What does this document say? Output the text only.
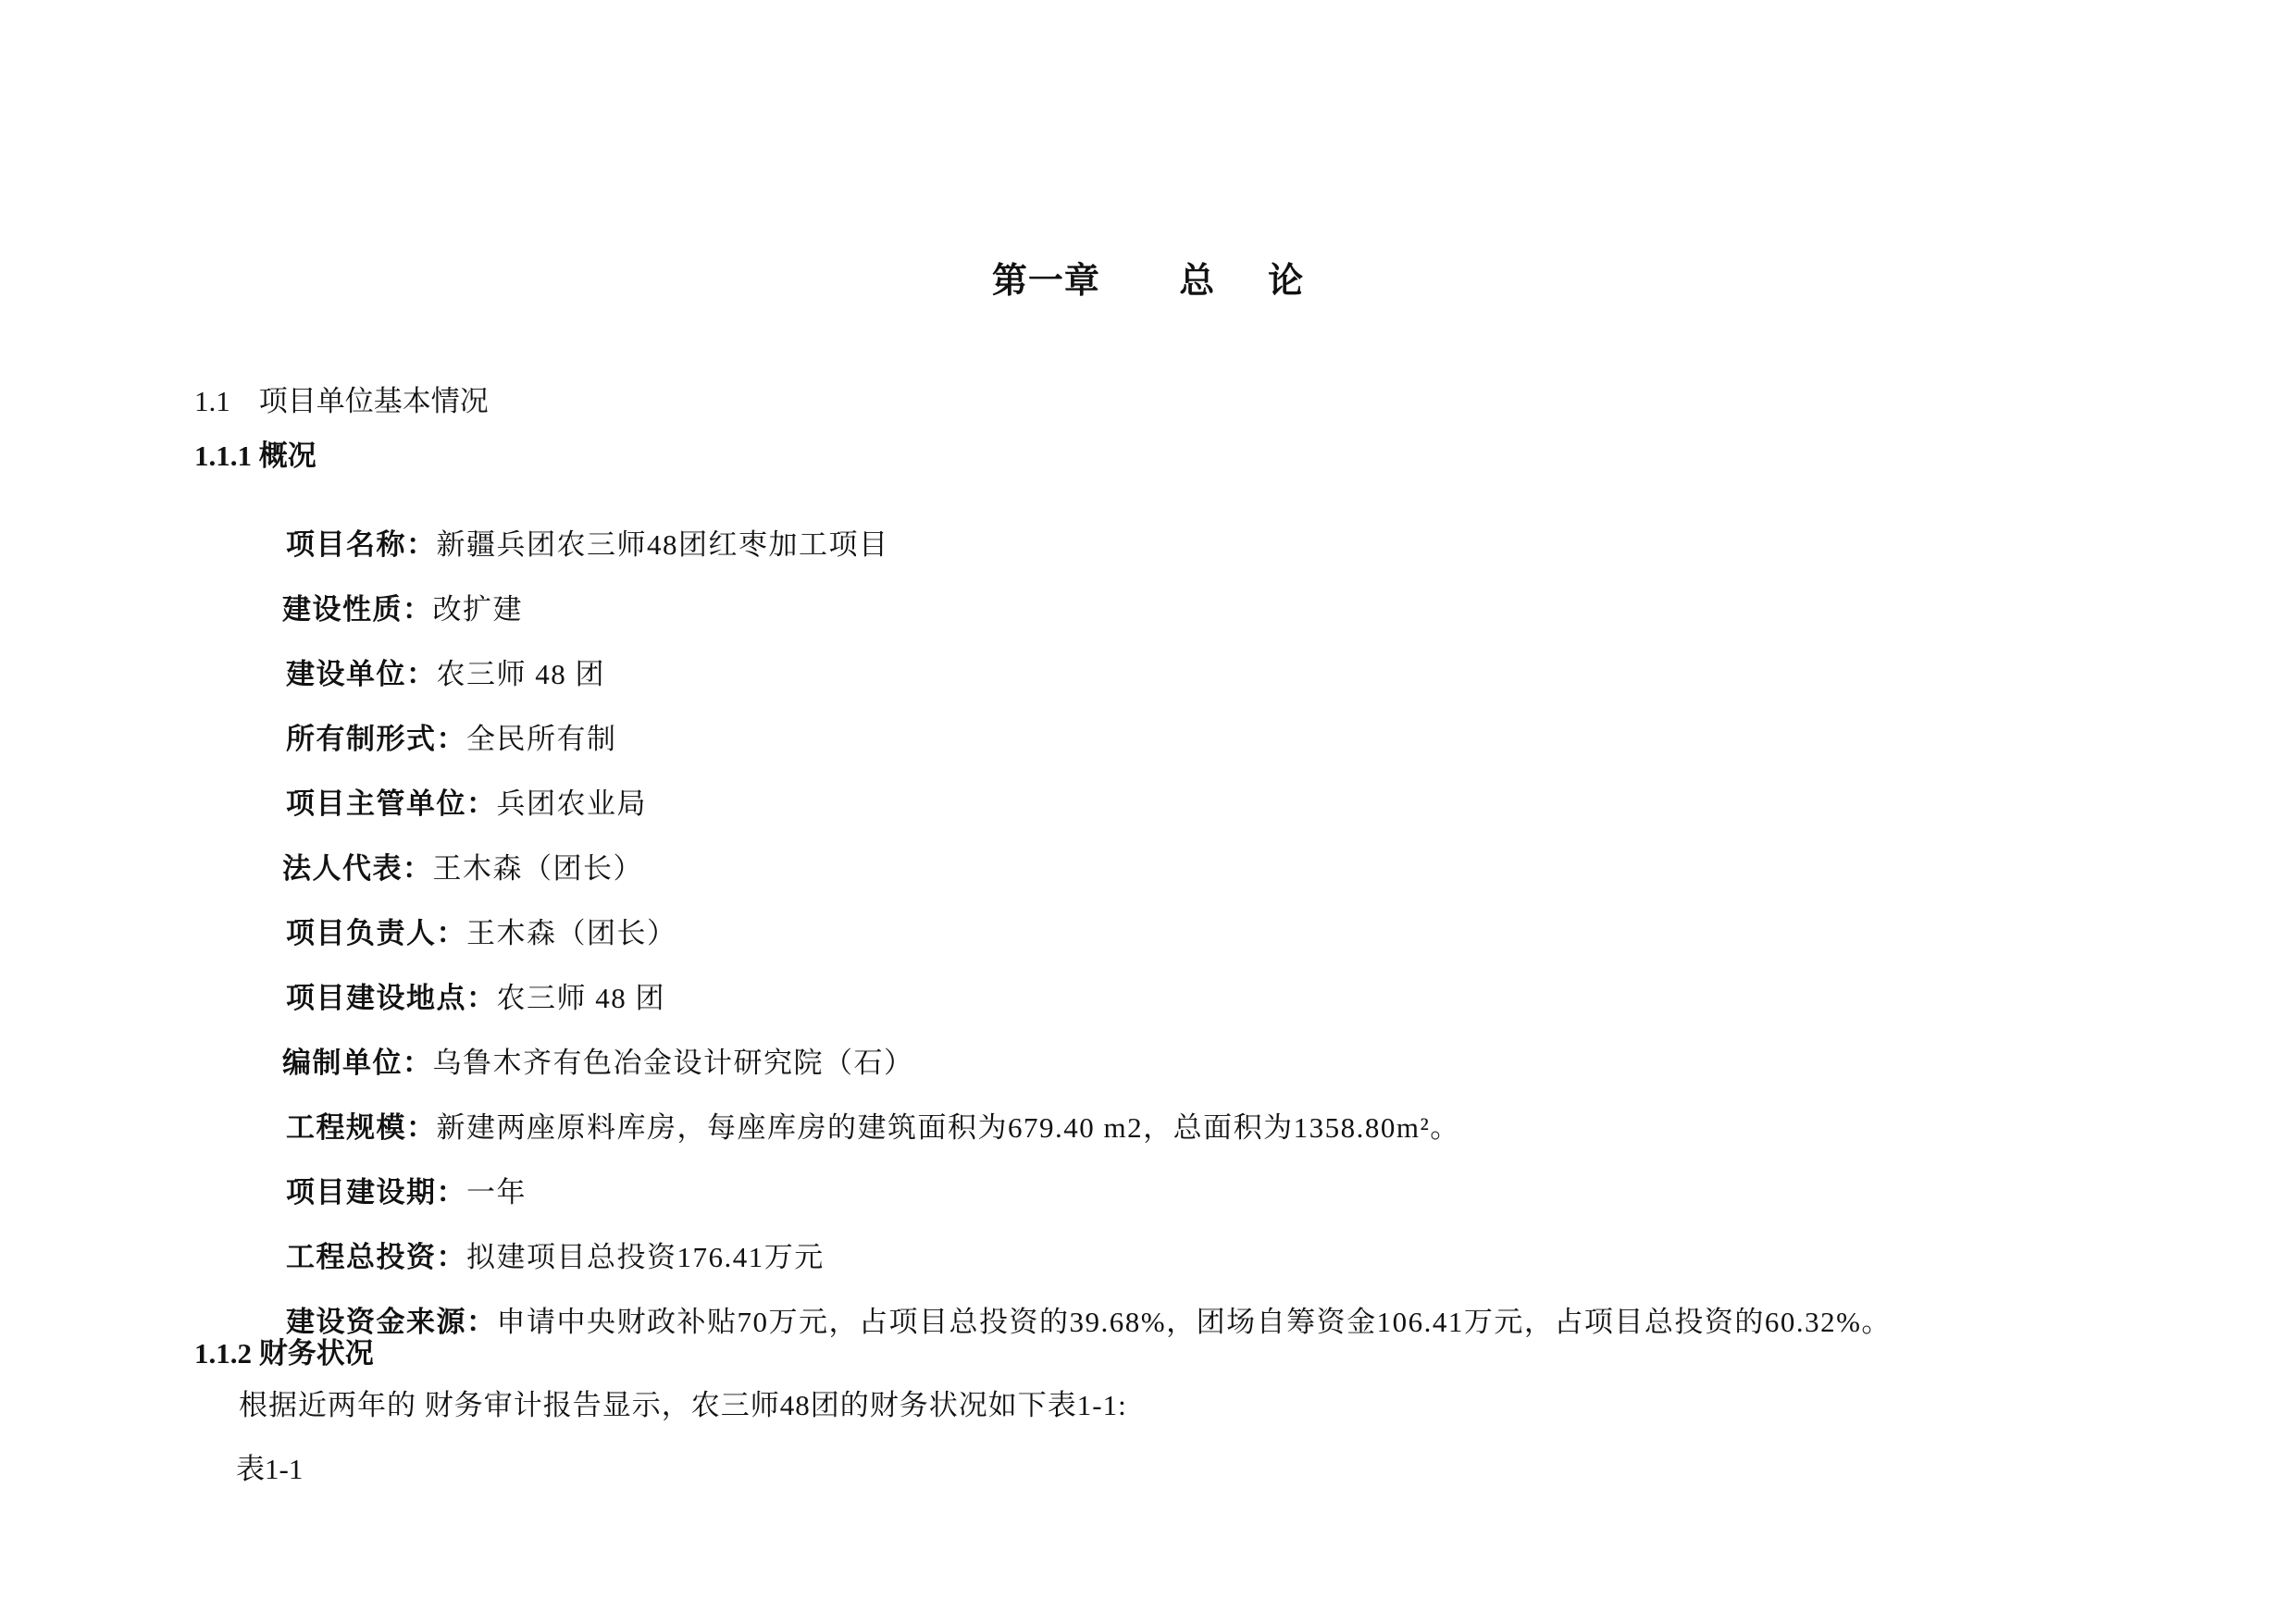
第一章      总    论
1.1 项目单位基本情况
1.1.1 概况

项目名称：新疆兵团农三师48团红枣加工项目

建设性质：改扩建

建设单位：农三师 48 团

所有制形式：全民所有制

项目主管单位：兵团农业局

法人代表：王木森（团长）

项目负责人：王木森（团长）

项目建设地点：农三师 48 团

编制单位：乌鲁木齐有色冶金设计研究院（石）

工程规模：新建两座原料库房，每座库房的建筑面积为679.40 m2，总面积为1358.80m²。

项目建设期：一年

工程总投资：拟建项目总投资176.41万元

建设资金来源：申请中央财政补贴70万元，占项目总投资的39.68%，团场自筹资金106.41万元，占项目总投资的60.32%。

1.1.2 财务状况
根据近两年的 财务审计报告显示，农三师48团的财务状况如下表1-1:
表1-1
